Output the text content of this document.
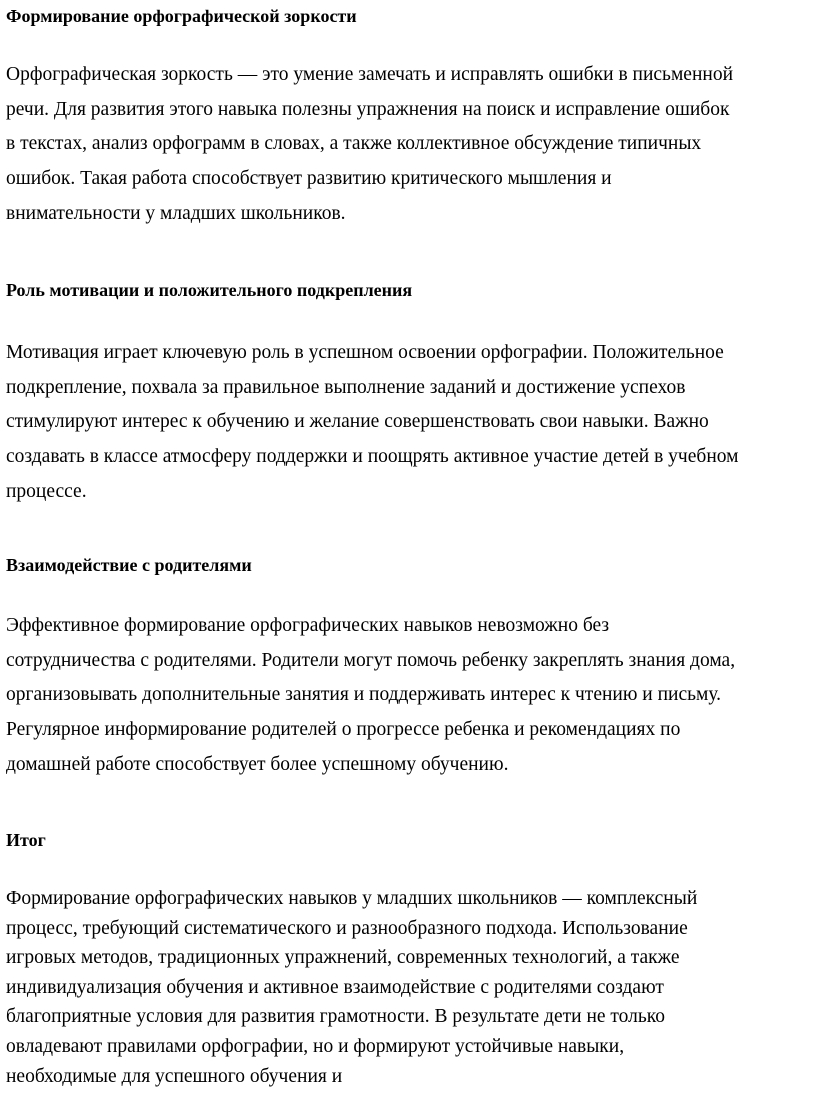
Формирование орфографической зоркости

Орфографическая зоркость — это умение замечать и исправлять ошибки в письменной
речи. Для развития этого навыка полезны упражнения на поиск и исправление ошибок
в текстах, анализ орфограмм в словах, а также коллективное обсуждение типичных
ошибок. Такая работа способствует развитию критического мышления и
внимательности у младших школьников.

Роль мотивации и положительного подкрепления

Мотивация играет ключевую роль в успешном освоении орфографии. Положительное
подкрепление, похвала за правильное выполнение заданий и достижение успехов
стимулируют интерес к обучению и желание совершенствовать свои навыки. Важно
создавать в классе атмосферу поддержки и поощрять активное участие детей в учебном
процессе.

Взаимодействие с родителями

Эффективное формирование орфографических навыков невозможно без
сотрудничества с родителями. Родители могут помочь ребенку закреплять знания дома,
организовывать дополнительные занятия и поддерживать интерес к чтению и письму.
Регулярное информирование родителей о прогрессе ребенка и рекомендациях по
домашней работе способствует более успешному обучению.

Итог

Формирование орфографических навыков у младших школьников — комплексный
процесс, требующий систематического и разнообразного подхода. Использование
игровых методов, традиционных упражнений, современных технологий, а также
индивидуализация обучения и активное взаимодействие с родителями создают
благоприятные условия для развития грамотности. В результате дети не только
овладевают правилами орфографии, но и формируют устойчивые навыки,
необходимые для успешного обучения и
